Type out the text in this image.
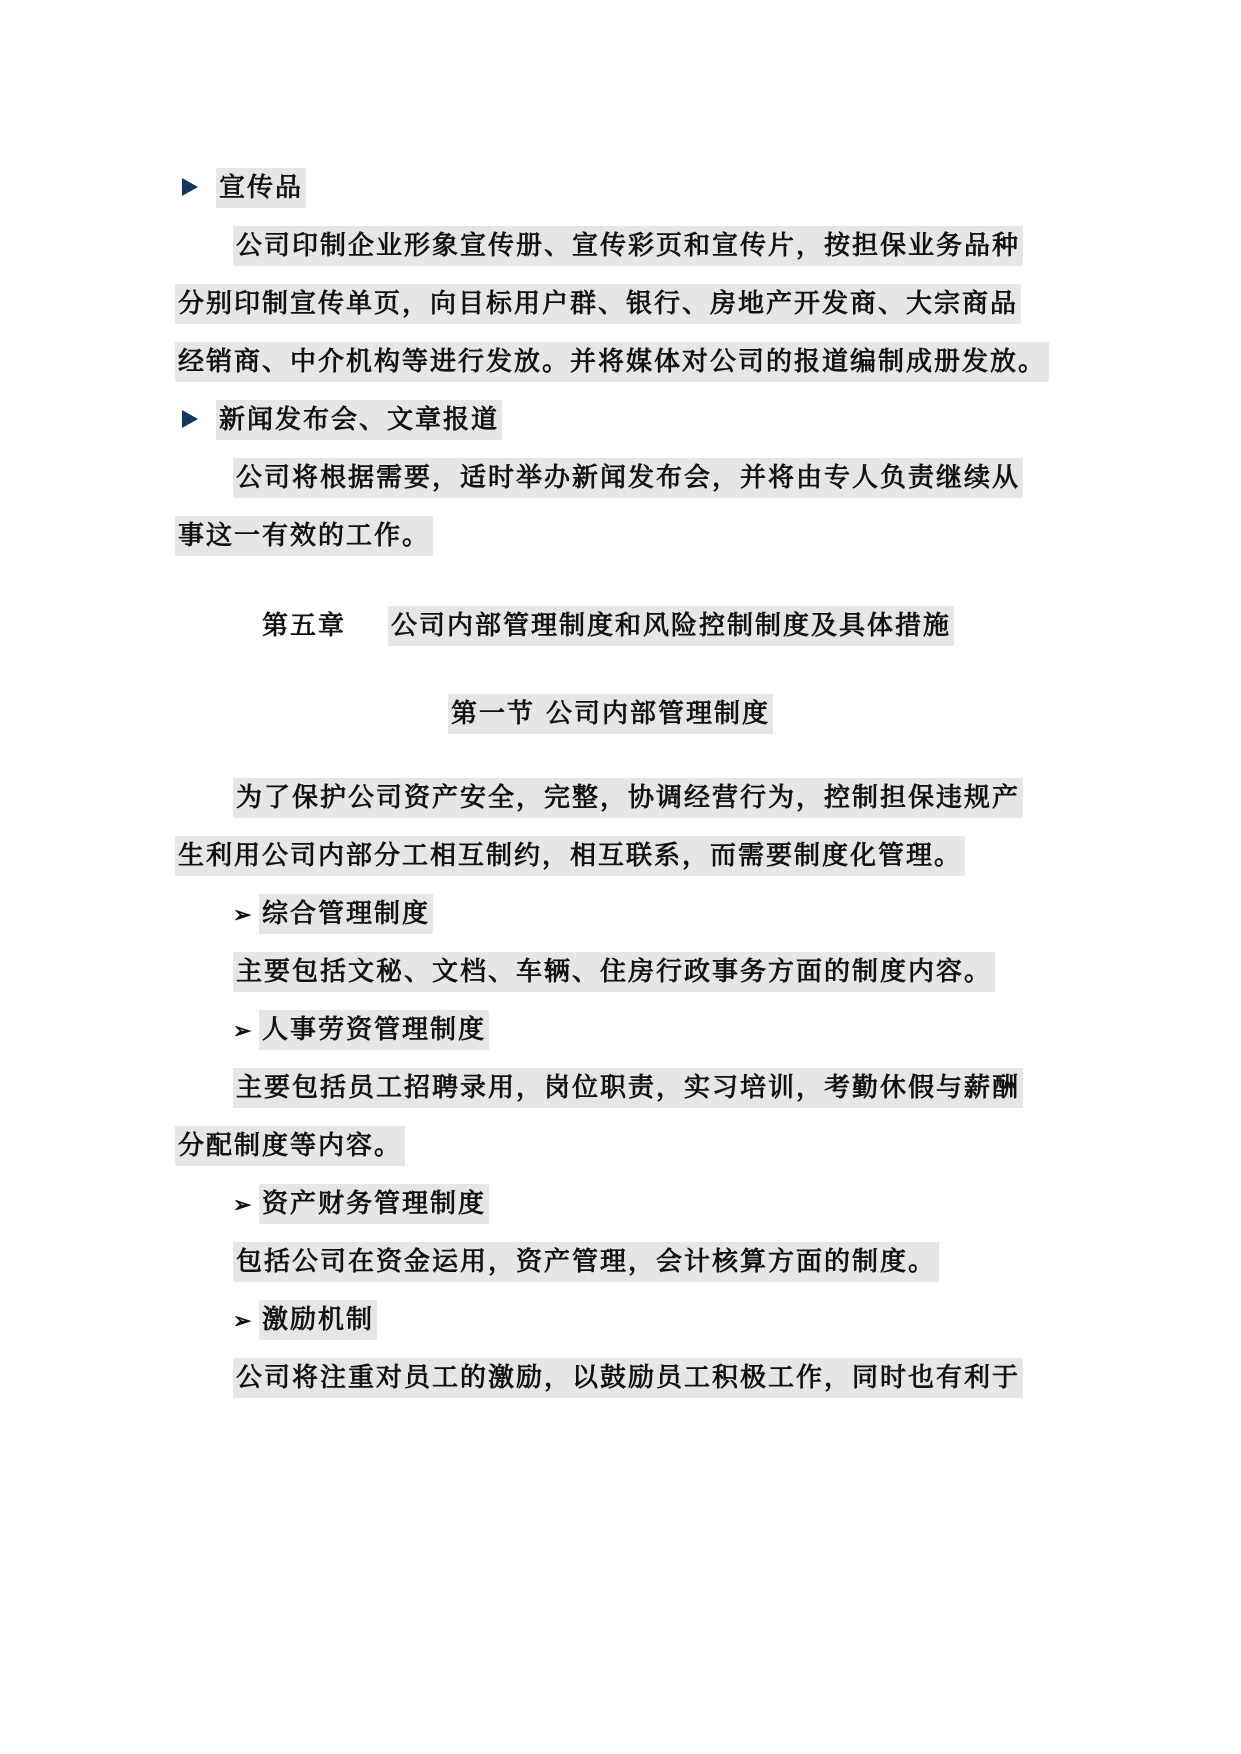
宣传品
公司印制企业形象宣传册、宣传彩页和宣传片，按担保业务品种
分别印制宣传单页，向目标用户群、银行、房地产开发商、大宗商品
经销商、中介机构等进行发放。并将媒体对公司的报道编制成册发放。
新闻发布会、文章报道
公司将根据需要，适时举办新闻发布会，并将由专人负责继续从
事这一有效的工作。
第五章 公司内部管理制度和风险控制制度及具体措施
第一节 公司内部管理制度
为了保护公司资产安全，完整，协调经营行为，控制担保违规产
生利用公司内部分工相互制约，相互联系，而需要制度化管理。
➢ 综合管理制度
主要包括文秘、文档、车辆、住房行政事务方面的制度内容。
➢ 人事劳资管理制度
主要包括员工招聘录用，岗位职责，实习培训，考勤休假与薪酬
分配制度等内容。
➢ 资产财务管理制度
包括公司在资金运用，资产管理，会计核算方面的制度。
➢ 激励机制
公司将注重对员工的激励，以鼓励员工积极工作，同时也有利于
